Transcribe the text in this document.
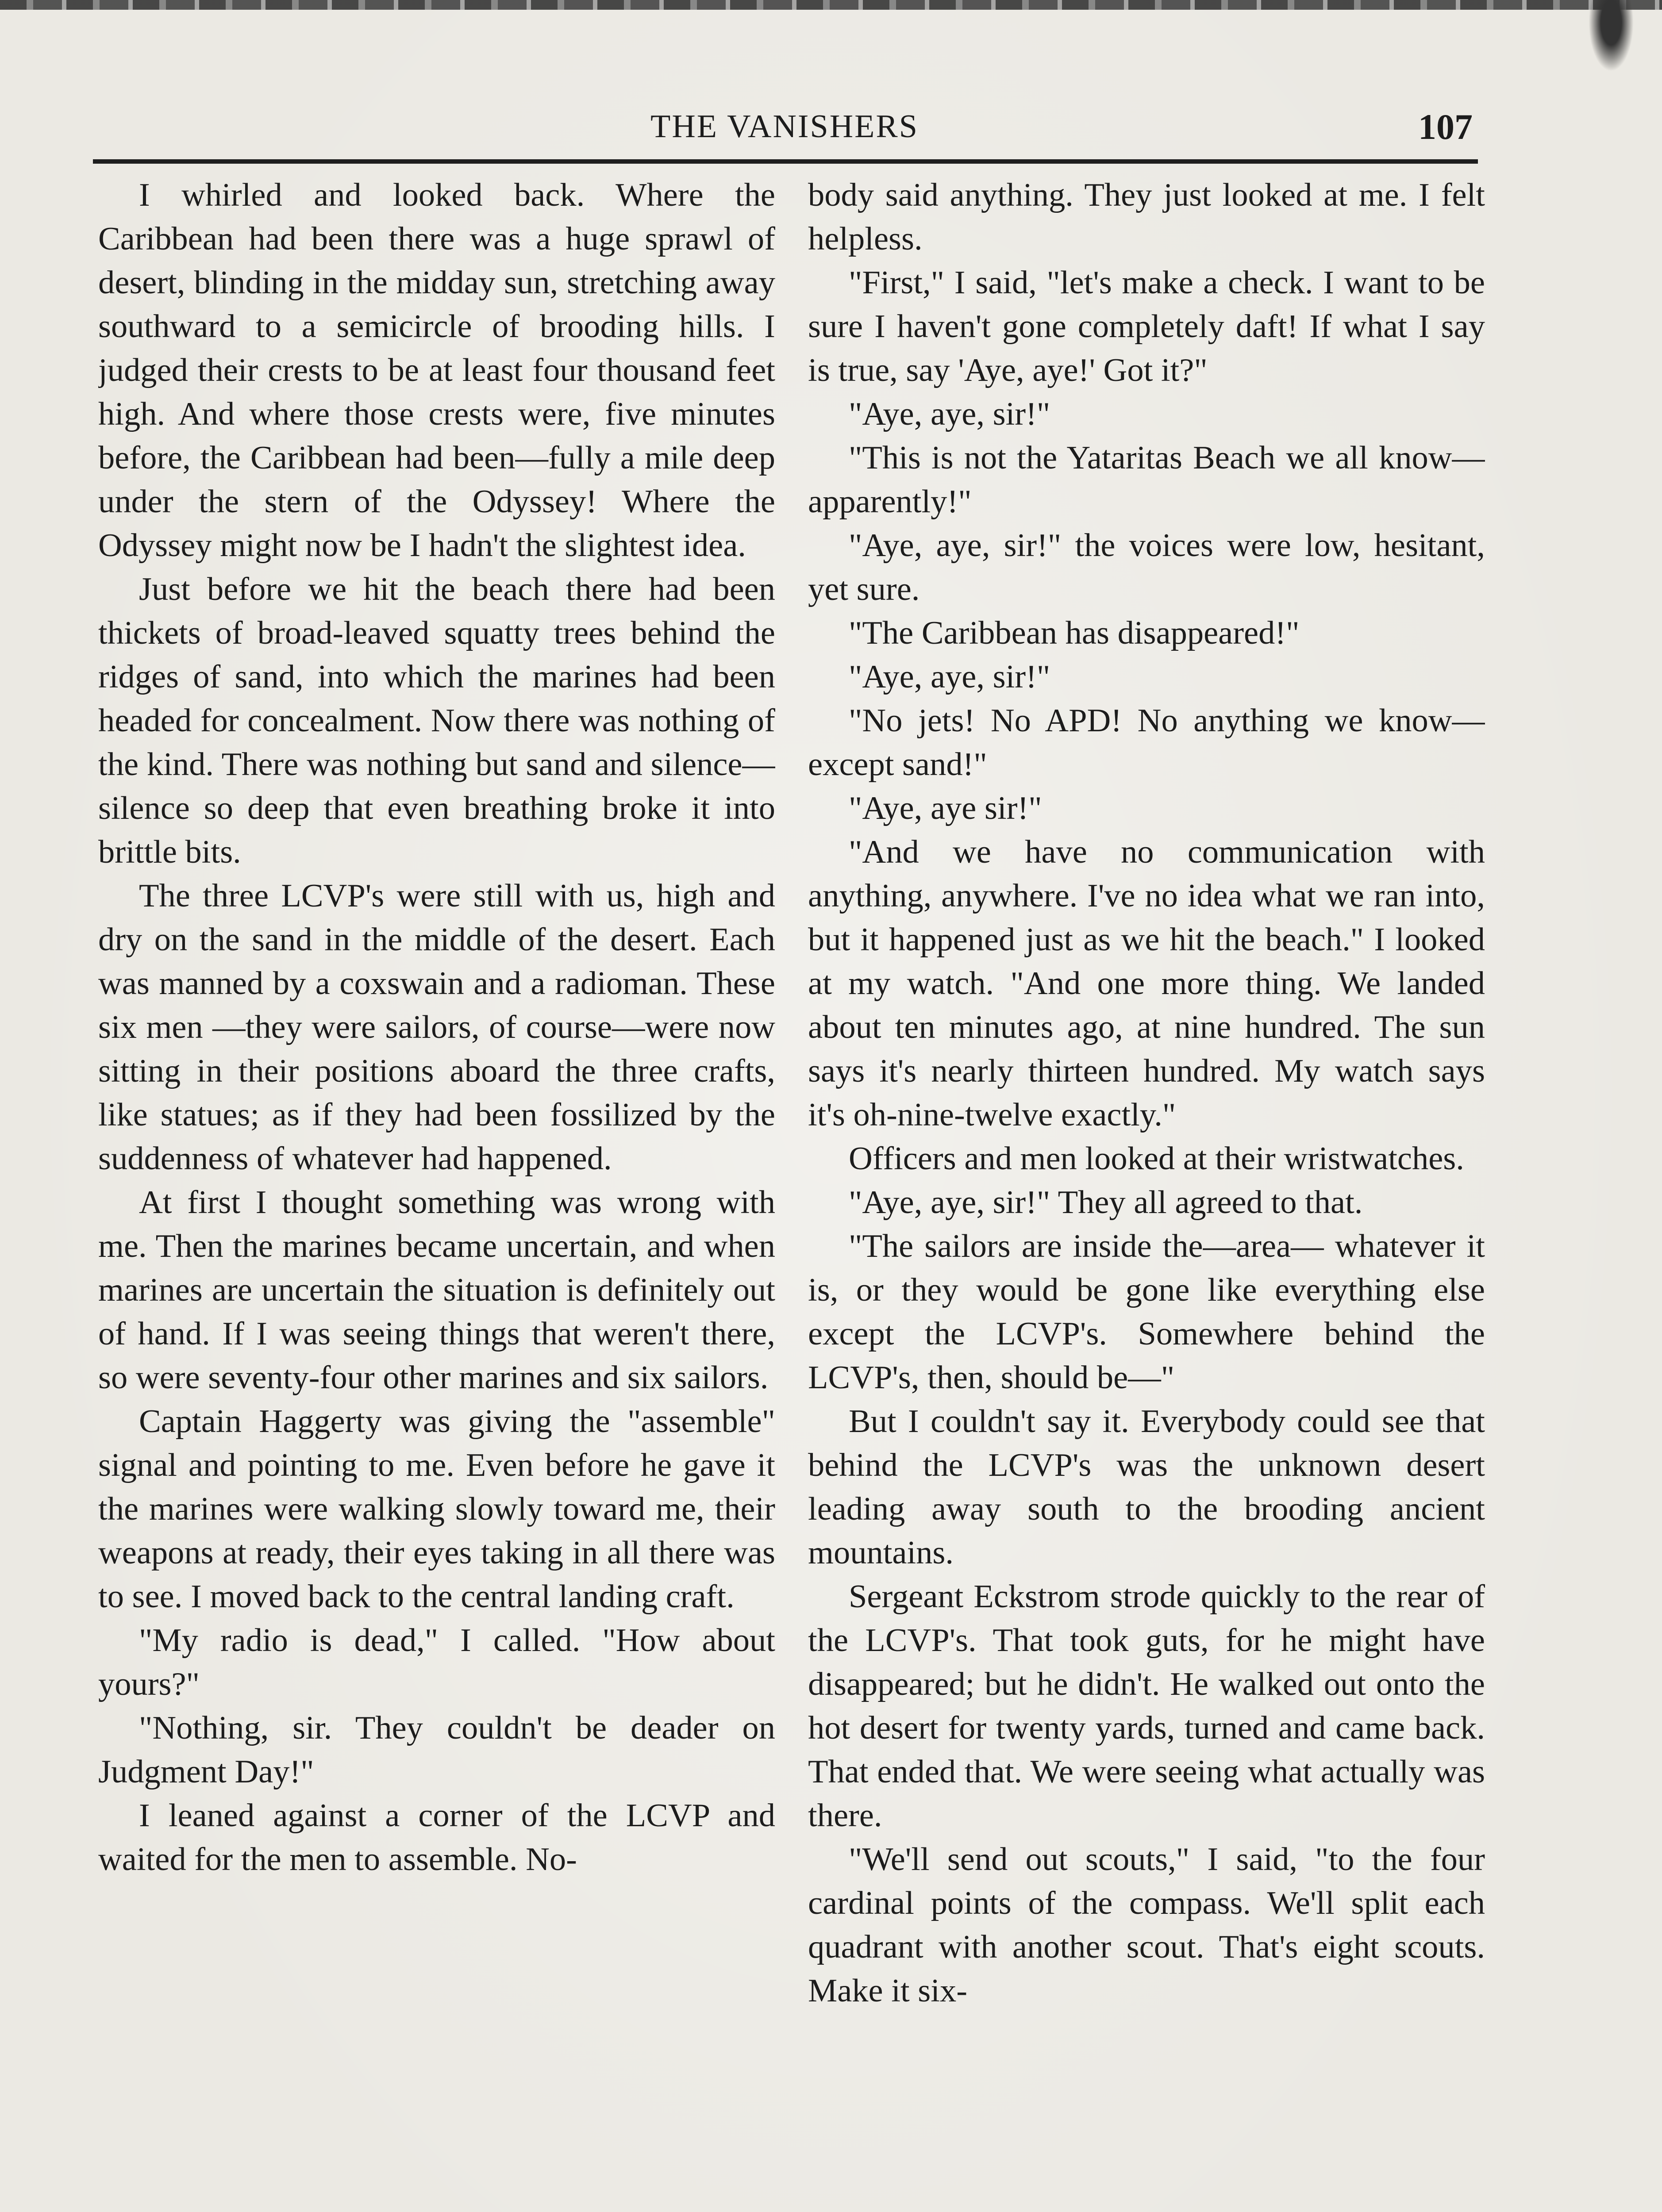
THE VANISHERS	107

I whirled and looked back. Where the Caribbean had been there was a huge sprawl of desert, blinding in the midday sun, stretching away southward to a semicircle of brooding hills. I judged their crests to be at least four thousand feet high. And where those crests were, five minutes before, the Caribbean had been—fully a mile deep under the stern of the Odyssey! Where the Odyssey might now be I hadn't the slightest idea.

Just before we hit the beach there had been thickets of broad-leaved squatty trees behind the ridges of sand, into which the marines had been headed for concealment. Now there was nothing of the kind. There was nothing but sand and silence—silence so deep that even breathing broke it into brittle bits.

The three LCVP's were still with us, high and dry on the sand in the middle of the desert. Each was manned by a coxswain and a radioman. These six men —they were sailors, of course—were now sitting in their positions aboard the three crafts, like statues; as if they had been fossilized by the suddenness of whatever had happened.

At first I thought something was wrong with me. Then the marines became uncertain, and when marines are uncertain the situation is definitely out of hand. If I was seeing things that weren't there, so were seventy-four other marines and six sailors.

Captain Haggerty was giving the "assemble" signal and pointing to me. Even before he gave it the marines were walking slowly toward me, their weapons at ready, their eyes taking in all there was to see. I moved back to the central landing craft.

"My radio is dead," I called. "How about yours?"

"Nothing, sir. They couldn't be deader on Judgment Day!"

I leaned against a corner of the LCVP and waited for the men to assemble. No-

body said anything. They just looked at me. I felt helpless.

"First," I said, "let's make a check. I want to be sure I haven't gone completely daft! If what I say is true, say 'Aye, aye!' Got it?"

"Aye, aye, sir!"

"This is not the Yataritas Beach we all know—apparently!"

"Aye, aye, sir!" the voices were low, hesitant, yet sure.

"The Caribbean has disappeared!"

"Aye, aye, sir!"

"No jets! No APD! No anything we know—except sand!"

"Aye, aye sir!"

"And we have no communication with anything, anywhere. I've no idea what we ran into, but it happened just as we hit the beach." I looked at my watch. "And one more thing. We landed about ten minutes ago, at nine hundred. The sun says it's nearly thirteen hundred. My watch says it's oh-nine-twelve exactly."

Officers and men looked at their wristwatches.

"Aye, aye, sir!" They all agreed to that.

"The sailors are inside the—area— whatever it is, or they would be gone like everything else except the LCVP's. Somewhere behind the LCVP's, then, should be—"

But I couldn't say it. Everybody could see that behind the LCVP's was the unknown desert leading away south to the brooding ancient mountains.

Sergeant Eckstrom strode quickly to the rear of the LCVP's. That took guts, for he might have disappeared; but he didn't. He walked out onto the hot desert for twenty yards, turned and came back. That ended that. We were seeing what actually was there.

"We'll send out scouts," I said, "to the four cardinal points of the compass. We'll split each quadrant with another scout. That's eight scouts. Make it six-
